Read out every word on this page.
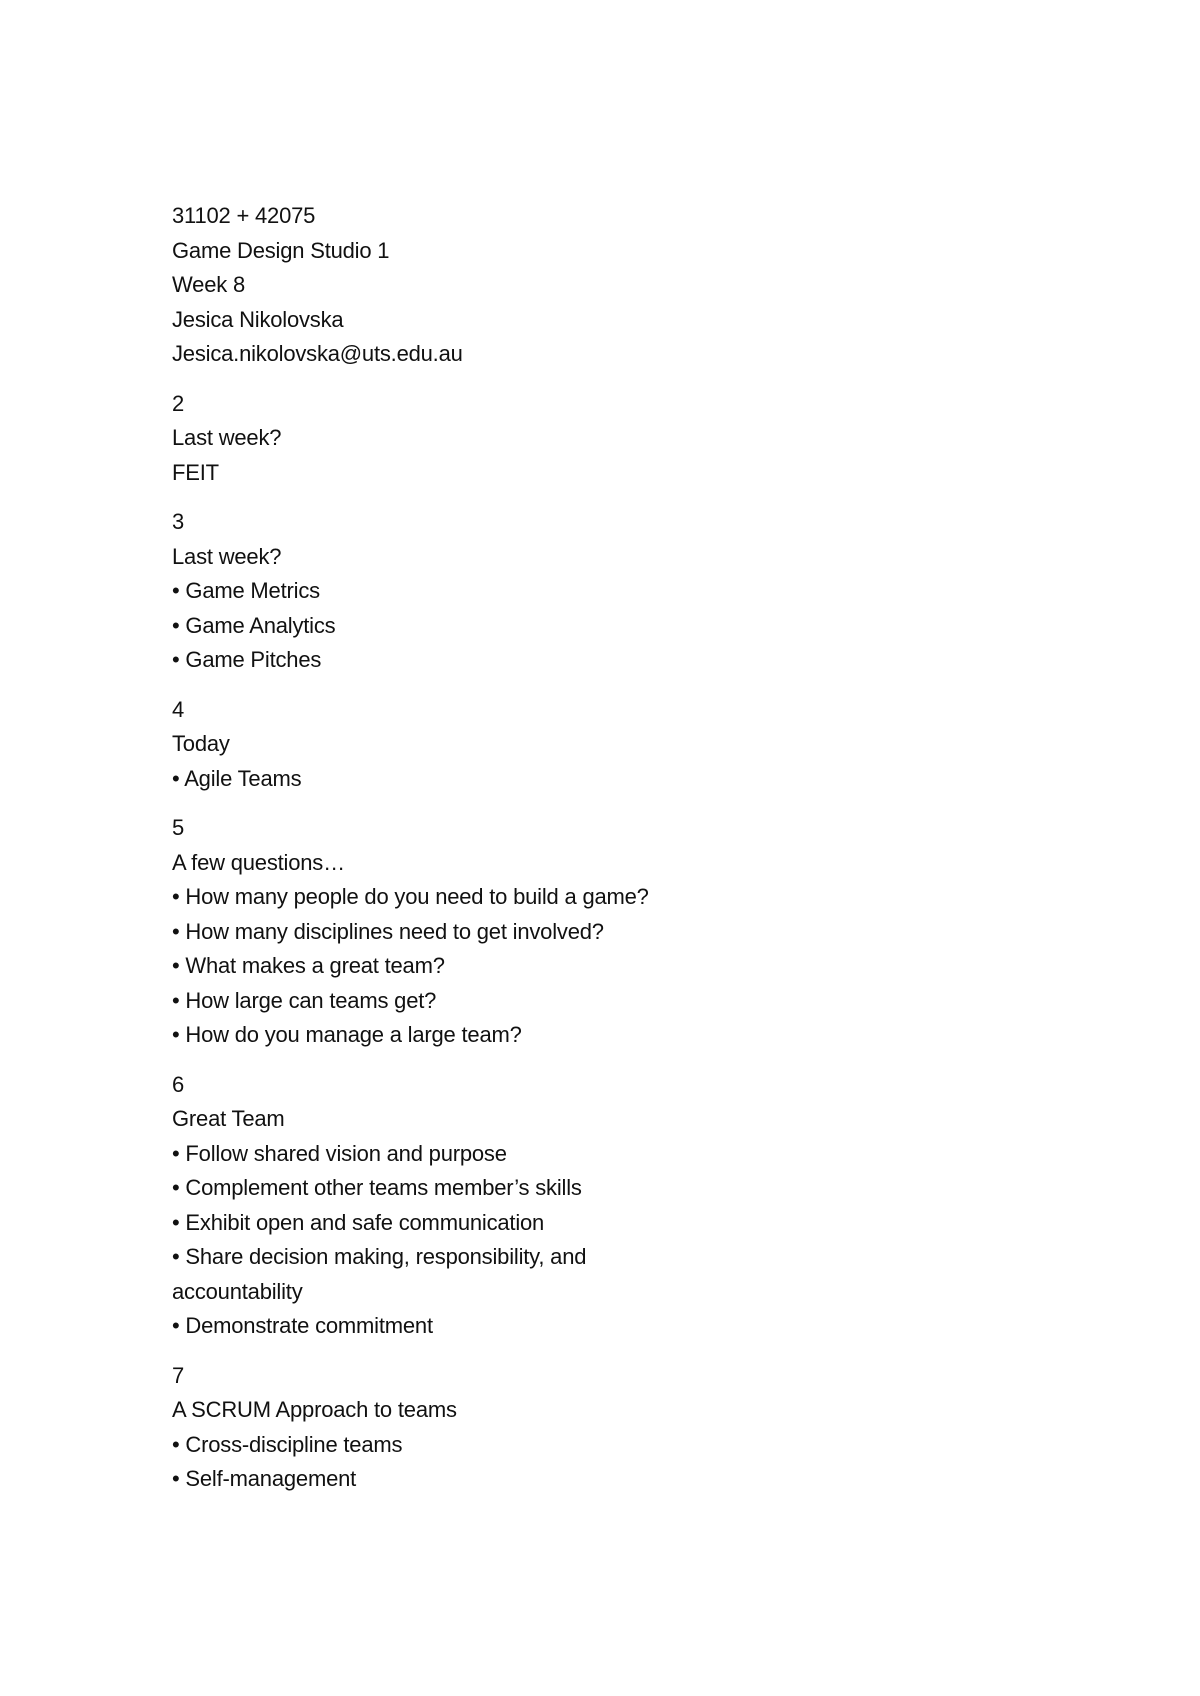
31102 + 42075
Game Design Studio 1
Week 8
Jesica Nikolovska
Jesica.nikolovska@uts.edu.au
2
Last week?
FEIT
3
Last week?
• Game Metrics
• Game Analytics
• Game Pitches
4
Today
• Agile Teams
5
A few questions…
• How many people do you need to build a game?
• How many disciplines need to get involved?
• What makes a great team?
• How large can teams get?
• How do you manage a large team?
6
Great Team
• Follow shared vision and purpose
• Complement other teams member’s skills
• Exhibit open and safe communication
• Share decision making, responsibility, and accountability
• Demonstrate commitment
7
A SCRUM Approach to teams
• Cross-discipline teams
• Self-management
